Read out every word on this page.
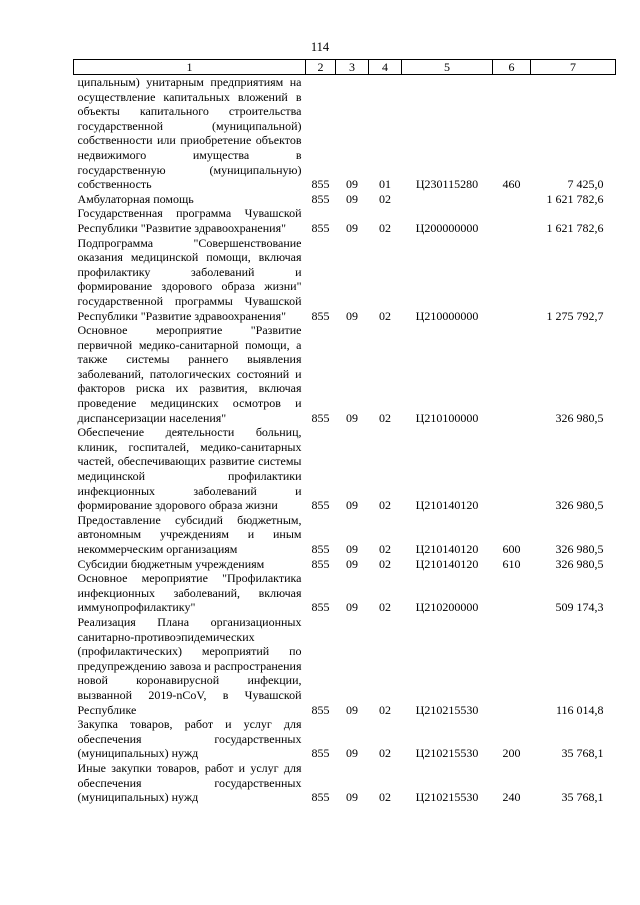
114
1	2	3	4	5	6	7
ципальным) унитарным предприятиям на осуществление капитальных вложений в объекты капитального строительства государственной (муниципальной) собственности или приобретение объектов недвижимого имущества в государственную (муниципальную) собственность	855	09	01	Ц230115280	460	7 425,0
Амбулаторная помощь	855	09	02			1 621 782,6
Государственная программа Чувашской Республики "Развитие здравоохранения"	855	09	02	Ц200000000		1 621 782,6
Подпрограмма "Совершенствование оказания медицинской помощи, включая профилактику заболеваний и формирование здорового образа жизни" государственной программы Чувашской Республики "Развитие здравоохранения"	855	09	02	Ц210000000		1 275 792,7
Основное мероприятие "Развитие первичной медико-санитарной помощи, а также системы раннего выявления заболеваний, патологических состояний и факторов риска их развития, включая проведение медицинских осмотров и диспансеризации населения"	855	09	02	Ц210100000		326 980,5
Обеспечение деятельности больниц, клиник, госпиталей, медико-санитарных частей, обеспечивающих развитие системы медицинской профилактики инфекционных заболеваний и формирование здорового образа жизни	855	09	02	Ц210140120		326 980,5
Предоставление субсидий бюджетным, автономным учреждениям и иным некоммерческим организациям	855	09	02	Ц210140120	600	326 980,5
Субсидии бюджетным учреждениям	855	09	02	Ц210140120	610	326 980,5
Основное мероприятие "Профилактика инфекционных заболеваний, включая иммунопрофилактику"	855	09	02	Ц210200000		509 174,3
Реализация Плана организационных санитарно-противоэпидемических (профилактических) мероприятий по предупреждению завоза и распространения новой коронавирусной инфекции, вызванной 2019-nCoV, в Чувашской Республике	855	09	02	Ц210215530		116 014,8
Закупка товаров, работ и услуг для обеспечения государственных (муниципальных) нужд	855	09	02	Ц210215530	200	35 768,1
Иные закупки товаров, работ и услуг для обеспечения государственных (муниципальных) нужд	855	09	02	Ц210215530	240	35 768,1
